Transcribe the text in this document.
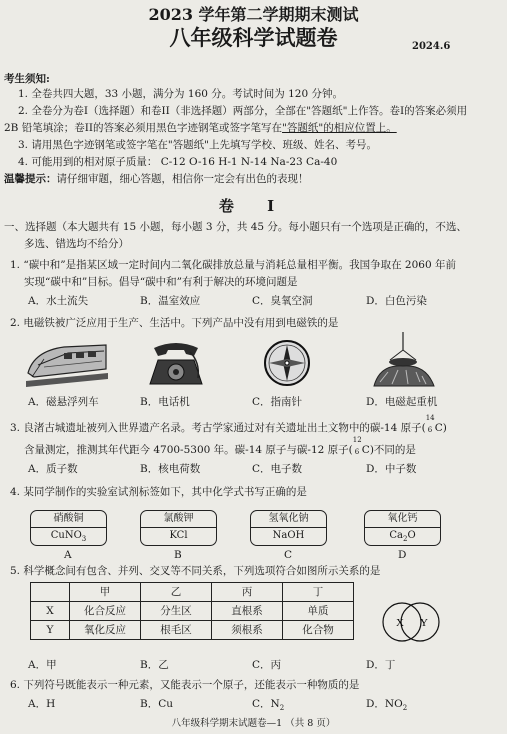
2023 学年第二学期期末测试
八年级科学试题卷	2024.6
考生须知:
1. 全卷共四大题，33 小题，满分为 160 分。考试时间为 120 分钟。
2. 全卷分为卷I（选择题）和卷II（非选择题）两部分，全部在"答题纸"上作答。卷I的答案必须用
2B 铅笔填涂；卷II的答案必须用黑色字迹钢笔或签字笔写在"答题纸"的相应位置上。
3. 请用黑色字迹钢笔或签字笔在"答题纸"上先填写学校、班级、姓名、考号。
4. 可能用到的相对原子质量： C-12 O-16 H-1 N-14 Na-23 Ca-40
温馨提示：请仔细审题，细心答题，相信你一定会有出色的表现！
卷 I
一、选择题（本大题共有 15 小题，每小题 3 分，共 45 分。每小题只有一个选项是正确的，不选、
多选、错选均不给分）
1. “碳中和”是指某区域一定时间内二氧化碳排放总量与消耗总量相平衡。我国争取在 2060 年前
实现“碳中和”目标。倡导“碳中和”有利于解决的环境问题是
A．水土流失	B．温室效应	C．臭氧空洞	D．白色污染
2. 电磁铁被广泛应用于生产、生活中。下列产品中没有用到电磁铁的是
A．磁悬浮列车	B．电话机	C．指南针	D．电磁起重机
3. 良渚古城遗址被列入世界遗产名录。考古学家通过对有关遗址出土文物中的碳-14 原子(
14
6 C)
含量测定，推测其年代距今 4700-5300 年。碳-14 原子与碳-12 原子(
12
6 C)不同的是
A．质子数	B．核电荷数	C．电子数	D．中子数
4. 某同学制作的实验室试剂标签如下，其中化学式书写正确的是
硝酸铜
CuNO$_3$
A
氯酸钾
KCl
B
氢氧化钠
NaOH
C
氧化钙
$Ca_2O$
D
5. 科学概念间有包含、并列、交叉等不同关系，下列选项符合如图所示关系的是
	甲	乙	丙	丁
X	化合反应	分生区	直根系	单质
Y	氧化反应	根毛区	须根系	化合物
X Y
A．甲	B．乙	C．丙	D．丁
6. 下列符号既能表示一种元素，又能表示一个原子，还能表示一种物质的是
A．H	B．Cu	C．$N_2$	D．$NO_2$
八年级科学期末试题卷—1 （共 8 页）
